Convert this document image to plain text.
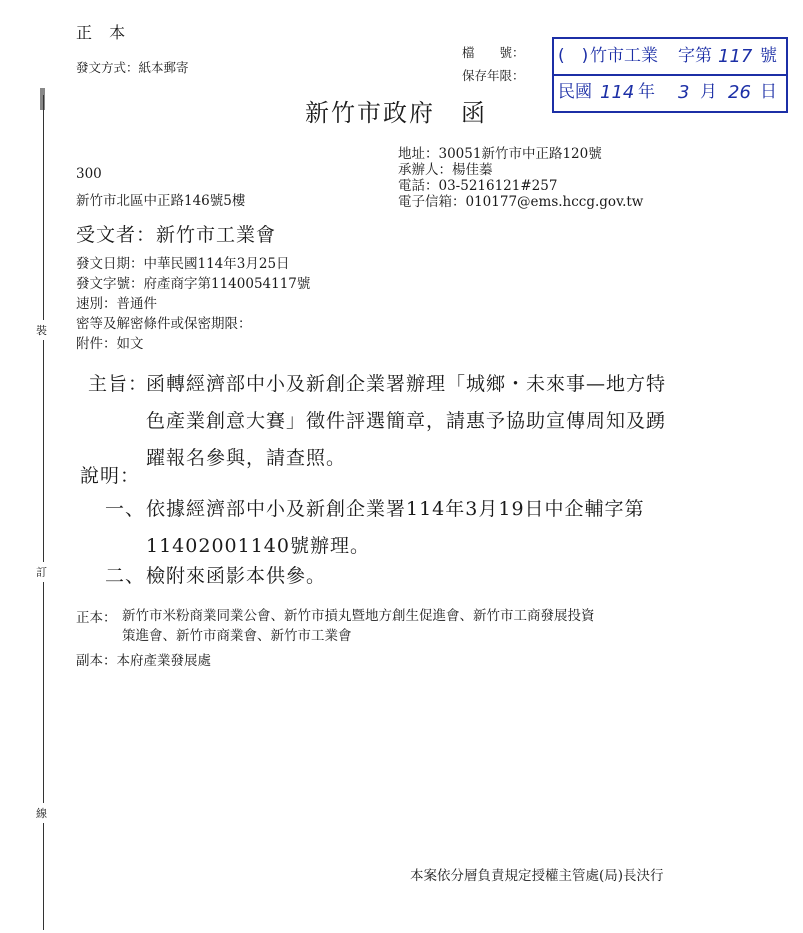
裝
訂
線
正 本
發文方式：紙本郵寄
檔　　號：
保存年限：
(　) 竹市工業 字第 117 號
民國 114 年 3 月 26 日
新竹市政府　函
地址：30051新竹市中正路120號
承辦人：楊佳蓁
電話：03-5216121#257
電子信箱：010177@ems.hccg.gov.tw
300
新竹市北區中正路146號5樓
受文者：新竹市工業會
發文日期：中華民國114年3月25日
發文字號：府產商字第1140054117號
速別：普通件
密等及解密條件或保密期限：
附件：如文
主旨：
函轉經濟部中小及新創企業署辦理「城鄉・未來事—地方特
色產業創意大賽」徵件評選簡章，請惠予協助宣傳周知及踴
躍報名參與，請查照。
說明：
一、 依據經濟部中小及新創企業署114年3月19日中企輔字第
11402001140號辦理。
二、 檢附來函影本供參。
正本： 新竹市米粉商業同業公會、新竹市摃丸暨地方創生促進會、新竹市工商發展投資
策進會、新竹市商業會、新竹市工業會
副本：本府產業發展處
本案依分層負責規定授權主管處(局)長決行
